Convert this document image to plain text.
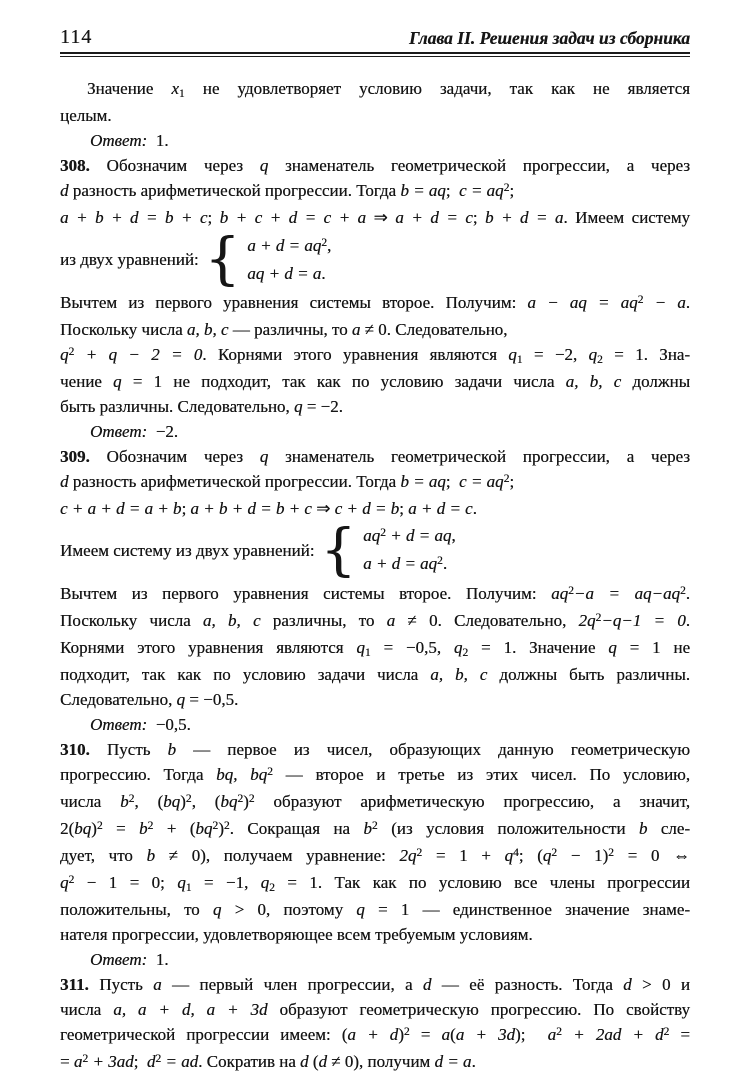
114	Глава II. Решения задач из сборника
Значение x1 не удовлетворяет условию задачи, так как не является
целым.
Ответ:  1.
308. Обозначим через q знаменатель геометрической прогрессии, а через
d разность арифметической прогрессии. Тогда b = aq;  $c = aq^2$;
a + b + d = b + c; b + c + d = c + a ⇒ a + d = c; b + d = a. Имеем систему
из двух уравнений: { $a + d = aq^2$,
aq + d = a.
Вычтем из первого уравнения системы второе. Получим: a − aq = $aq^2 - a$.
Поскольку числа a, b, c — различны, то a ≠ 0. Следовательно,
$q^2 + q - 2 = 0$. Корнями этого уравнения являются q1 = −2, q2 = 1. Зна-
чение q = 1 не подходит, так как по условию задачи числа a, b, c должны
быть различны. Следовательно, q = −2.
Ответ:  −2.
309. Обозначим через q знаменатель геометрической прогрессии, а через
d разность арифметической прогрессии. Тогда b = aq;  $c = aq^2$;
c + a + d = a + b; a + b + d = b + c ⇒ c + d = b; a + d = c.
Имеем систему из двух уравнений: { $aq^2 + d$ = aq,
$a + d = aq^2$.
Вычтем из первого уравнения системы второе. Получим: $aq^2-a = aq-aq^2$.
Поскольку числа a, b, c различны, то a ≠ 0. Следовательно, $2q^2-q-1 = 0$.
Корнями этого уравнения являются q1 = −0,5, q2 = 1. Значение q = 1 не
подходит, так как по условию задачи числа a, b, c должны быть различны.
Следовательно, q = −0,5.
Ответ:  −0,5.
310. Пусть b — первое из чисел, образующих данную геометрическую
прогрессию. Тогда bq, $bq^2$ — второе и третье из этих чисел. По условию,
числа $b^2$, (bq)$^2$, $(bq^2)^2$ образуют арифметическую прогрессию, а значит,
$2(bq)^2 = b^2 + (bq^2)^2$. Сокращая на $b^2$ (из условия положительности b сле-
дует, что b ≠ 0), получаем уравнение: $2q^2 = 1 + q^4$; $(q^2 - 1)^2 = 0$ ⇔
$q^2 - 1 = 0$; q1 = −1, q2 = 1. Так как по условию все члены прогрессии
положительны, то q > 0, поэтому q = 1 — единственное значение знаме-
нателя прогрессии, удовлетворяющее всем требуемым условиям.
Ответ:  1.
311. Пусть a — первый член прогрессии, а d — её разность. Тогда d > 0 и
числа a, a + d, a + 3d образуют геометрическую прогрессию. По свойству
геометрической прогрессии имеем: $(a + d)^2 = a(a + 3d)$;  $a^2 + 2ad + d^2$ =
= $a^2 + 3ad$;  $d^2$ = ad. Сократив на d (d ≠ 0), получим d = a.
